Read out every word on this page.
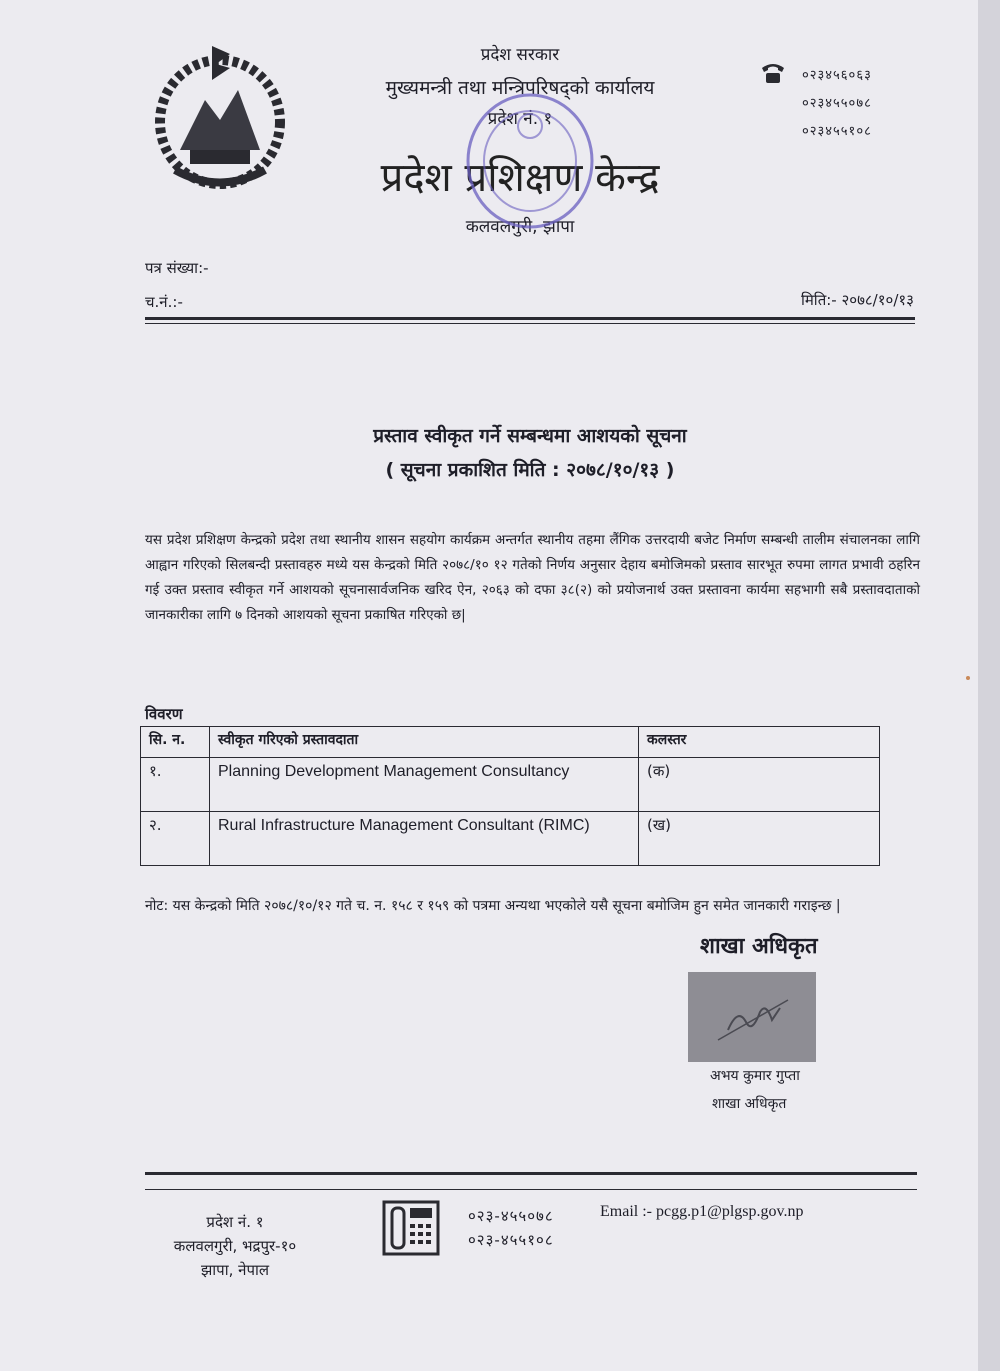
प्रदेश सरकार
मुख्यमन्त्री तथा मन्त्रिपरिषद्को कार्यालय
प्रदेश नं. १
प्रदेश प्रशिक्षण केन्द्र
कलवलगुरी, झापा
०२३४५६०६३
०२३४५५०७८
०२३४५५१०८
पत्र संख्या:-
च.नं.:-	मिति:- २०७८/१०/१३
प्रस्ताव स्वीकृत गर्ने सम्बन्धमा आशयको सूचना
( सूचना प्रकाशित मिति : २०७८/१०/१३ )
यस प्रदेश प्रशिक्षण केन्द्रको प्रदेश तथा स्थानीय शासन सहयोग कार्यक्रम अन्तर्गत स्थानीय तहमा लैंगिक उत्तरदायी बजेट निर्माण सम्बन्धी तालीम संचालनका लागि आह्वान गरिएको सिलबन्दी प्रस्तावहरु मध्ये यस केन्द्रको मिति २०७८/१० १२ गतेको निर्णय अनुसार देहाय बमोजिमको प्रस्ताव सारभूत रुपमा लागत प्रभावी ठहरिन गई उक्त प्रस्ताव स्वीकृत गर्ने आशयको सूचनासार्वजनिक खरिद ऐन, २०६३ को दफा ३८(२) को प्रयोजनार्थ उक्त प्रस्तावना कार्यमा सहभागी सबै प्रस्तावदाताको जानकारीका लागि ७ दिनको आशयको सूचना प्रकाषित गरिएको छ|
विवरण
सि. न.	स्वीकृत गरिएको प्रस्तावदाता	कलस्तर
१.	Planning Development Management Consultancy	(क)
२.	Rural Infrastructure Management Consultant (RIMC)	(ख)
नोट: यस केन्द्रको मिति २०७८/१०/१२ गते च. न. १५८ र १५९ को पत्रमा अन्यथा भएकोले यसै सूचना बमोजिम हुन समेत जानकारी गराइन्छ |
शाखा अधिकृत
अभय कुमार गुप्ता
शाखा अधिकृत
प्रदेश नं. १
कलवलगुरी, भद्रपुर-१०
झापा, नेपाल
०२३-४५५०७८
०२३-४५५१०८
Email :- pcgg.p1@plgsp.gov.np
